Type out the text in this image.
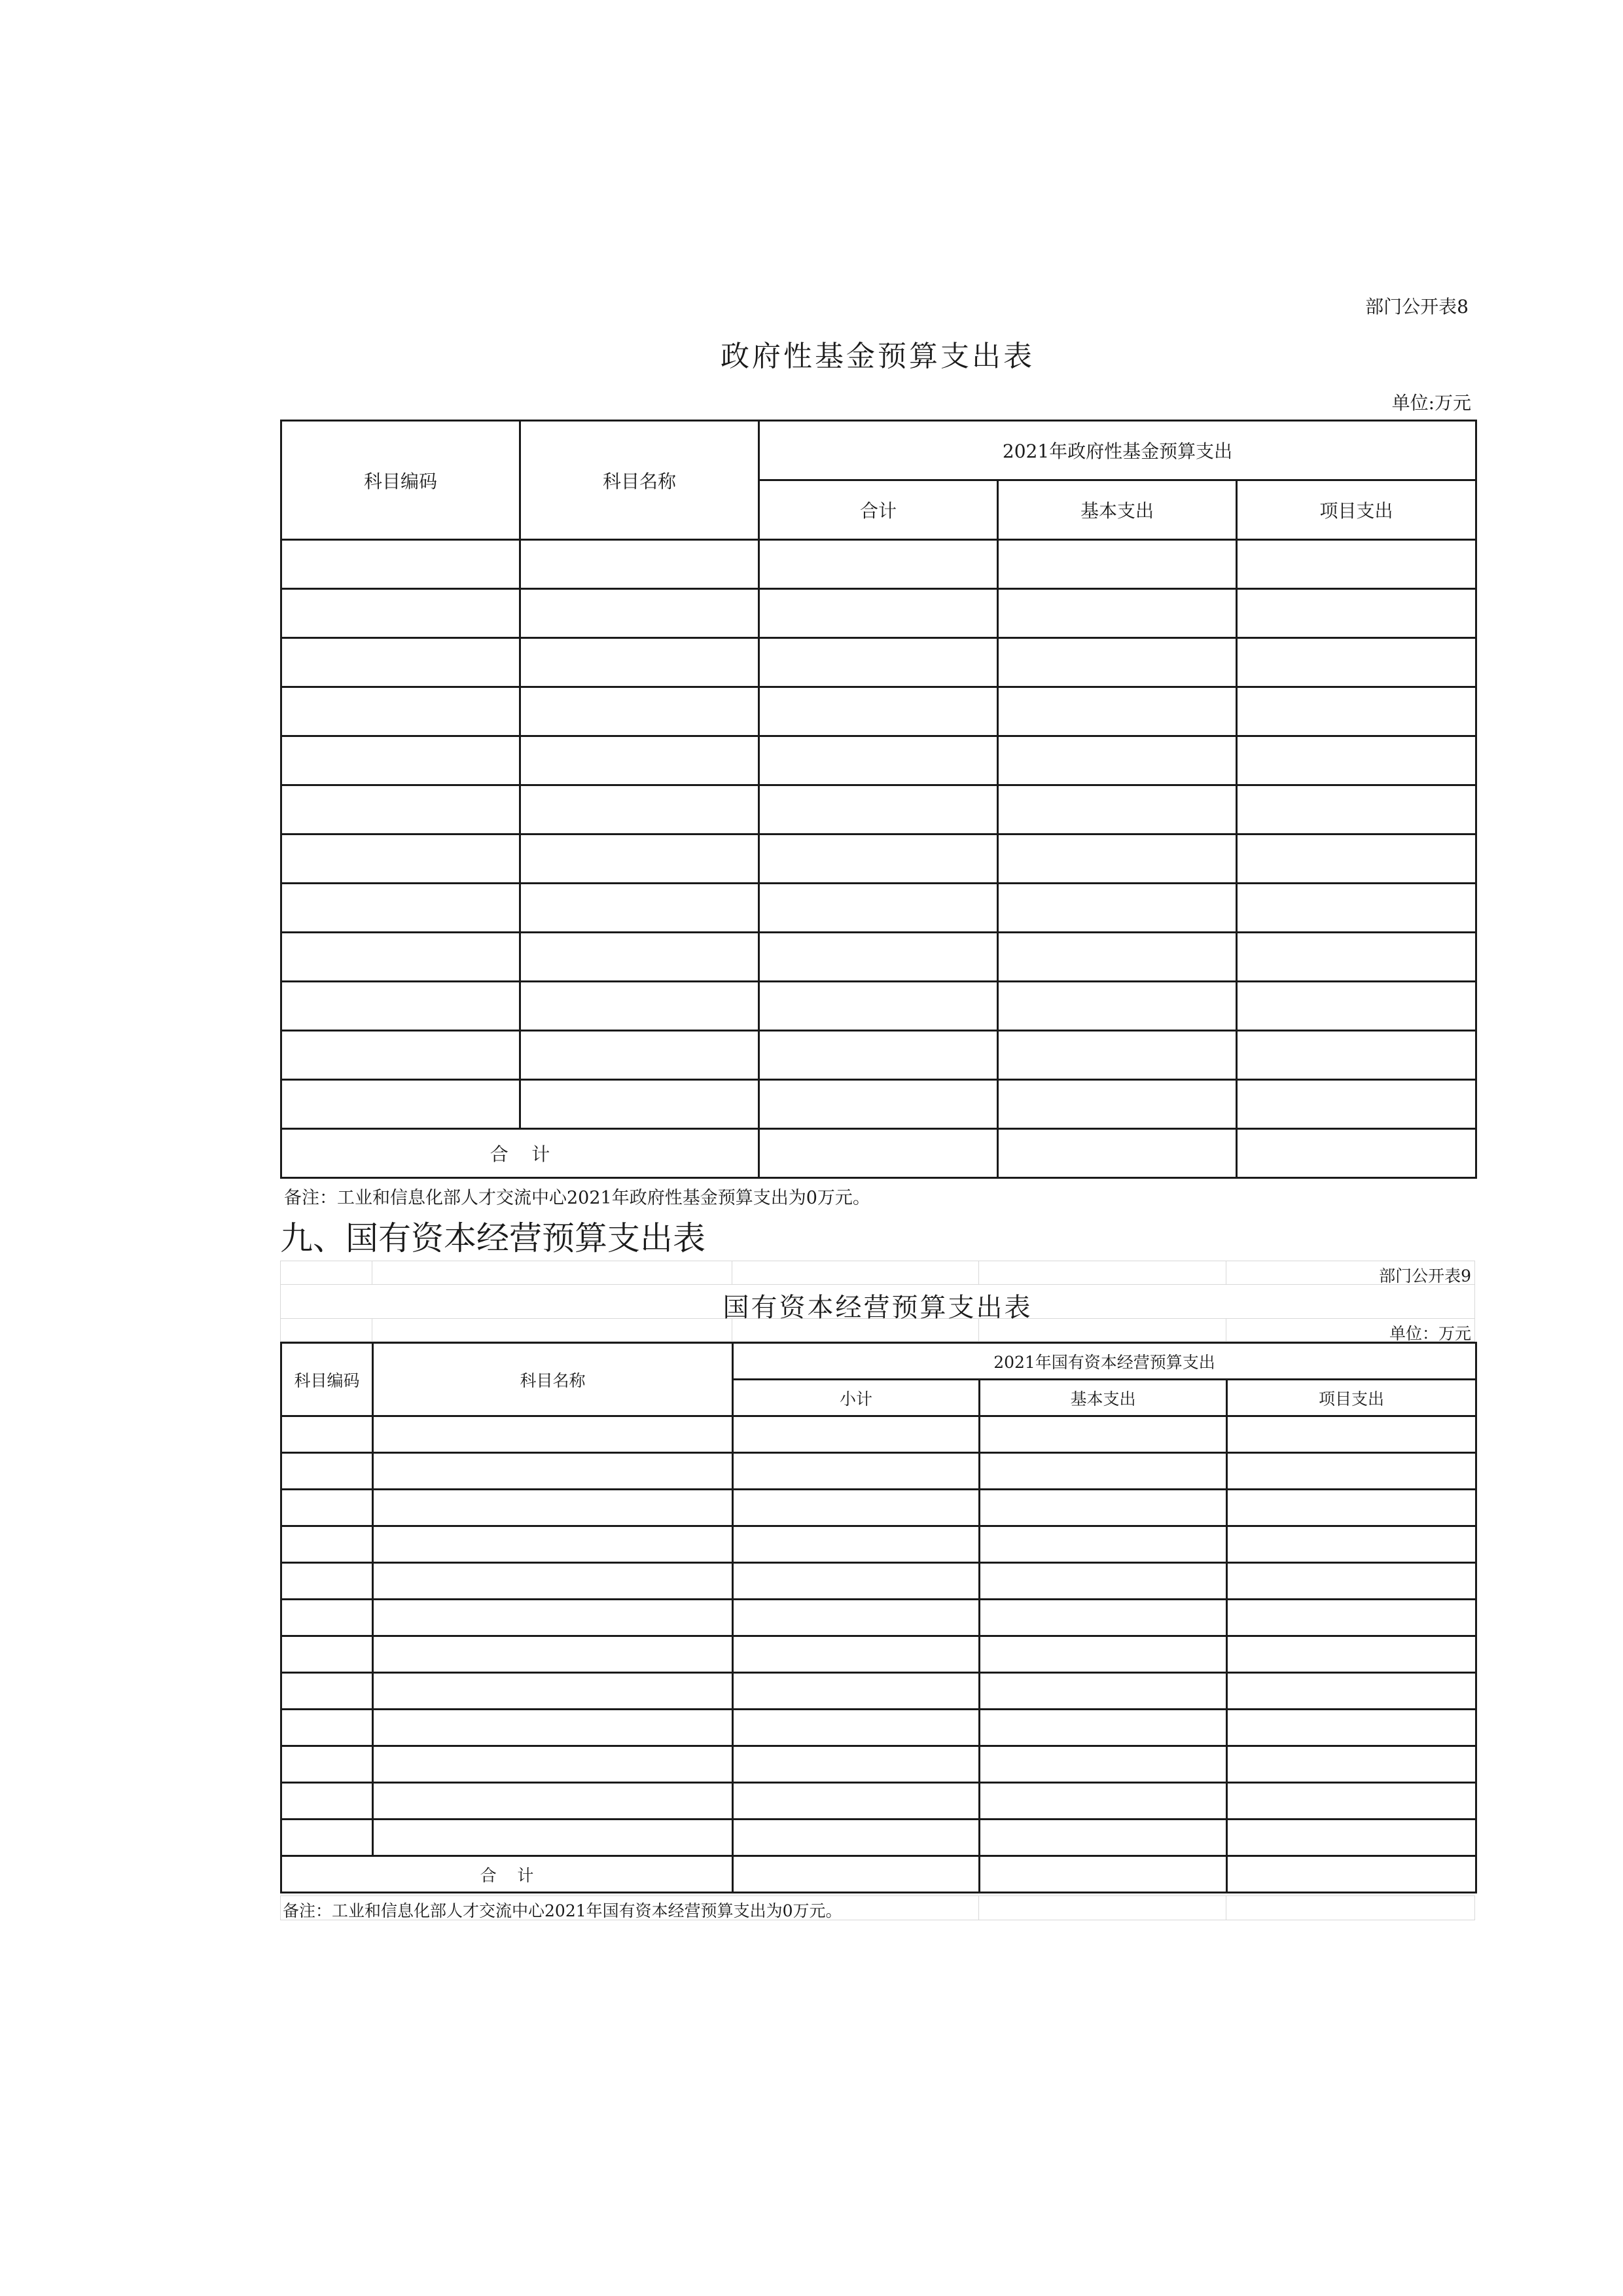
部门公开表8
政府性基金预算支出表
单位:万元
科目编码	科目名称	2021年政府性基金预算支出		
		合计	基本支出	项目支出

合    计				
备注：工业和信息化部人才交流中心2021年政府性基金预算支出为0万元。
九、国有资本经营预算支出表
部门公开表9
国有资本经营预算支出表
单位：万元
科目编码	科目名称	2021年国有资本经营预算支出		
		小计	基本支出	项目支出

合    计				
备注：工业和信息化部人才交流中心2021年国有资本经营预算支出为0万元。
